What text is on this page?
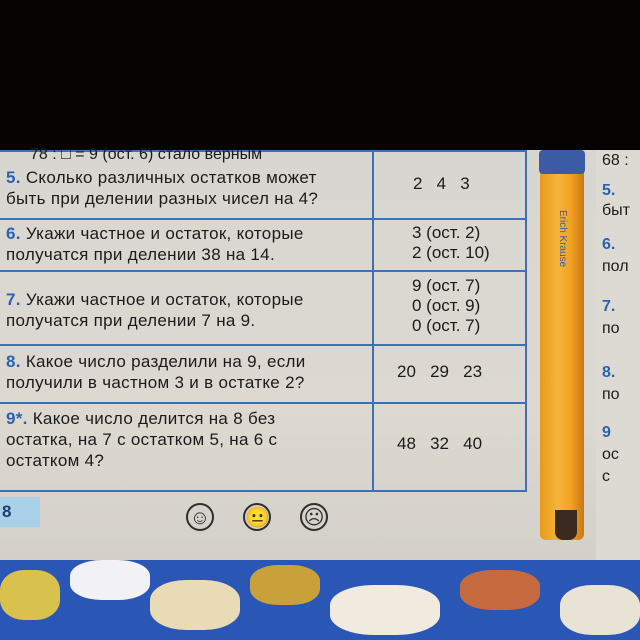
78 : □ = 9 (ост. 6) стало верным
5. Сколько различных остатков может
быть при делении разных чисел на 4?
2   4   3
6. Укажи частное и остаток, которые
получатся при делении 38 на 14.
3 (ост. 2)
2 (ост. 10)
7. Укажи частное и остаток, которые
получатся при делении 7 на 9.
9 (ост. 7)
0 (ост. 9)
0 (ост. 7)
8. Какое число разделили на 9, если
получили в частном 3 и в остатке 2?
20   29   23
9*. Какое число делится на 8 без
остатка, на 7 с остатком 5, на 6 с
остатком 4?
48   32   40
8	☺ 😐 ☹
Erich Krause
68 :
5.
быт
6.
пол
7.
по
8.
по
9
ос
с
